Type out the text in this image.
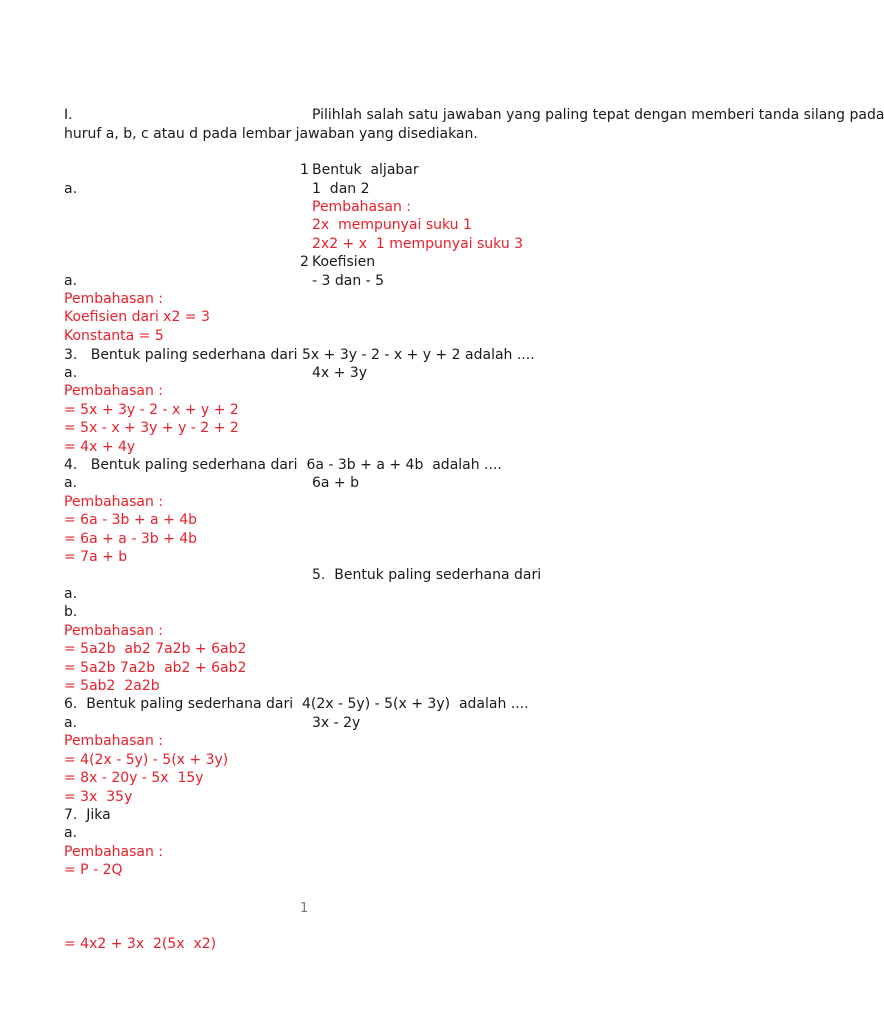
I.	Pilihlah salah satu jawaban yang paling tepat dengan memberi tanda silang pada
huruf a, b, c atau d pada lembar jawaban yang disediakan.
1 Bentuk  aljabar
a.	1  dan 2
Pembahasan :
2x  mempunyai suku 1
2x2 + x  1 mempunyai suku 3
2 Koefisien
a.	- 3 dan - 5
Pembahasan :
Koefisien dari x2 = 3
Konstanta = 5
3.   Bentuk paling sederhana dari 5x + 3y - 2 - x + y + 2 adalah ....
a.	4x + 3y
Pembahasan :
= 5x + 3y - 2 - x + y + 2
= 5x - x + 3y + y - 2 + 2
= 4x + 4y
4.   Bentuk paling sederhana dari  6a - 3b + a + 4b  adalah ....
a.	6a + b
Pembahasan :
= 6a - 3b + a + 4b
= 6a + a - 3b + 4b
= 7a + b
5.  Bentuk paling sederhana dari
a.
b.
Pembahasan :
= 5a2b  ab2 7a2b + 6ab2
= 5a2b 7a2b  ab2 + 6ab2
= 5ab2  2a2b
6.  Bentuk paling sederhana dari  4(2x - 5y) - 5(x + 3y)  adalah ....
a.	3x - 2y
Pembahasan :
= 4(2x - 5y) - 5(x + 3y)
= 8x - 20y - 5x  15y
= 3x  35y
7.  Jika
a.
Pembahasan :
= P - 2Q
1
= 4x2 + 3x  2(5x  x2)
